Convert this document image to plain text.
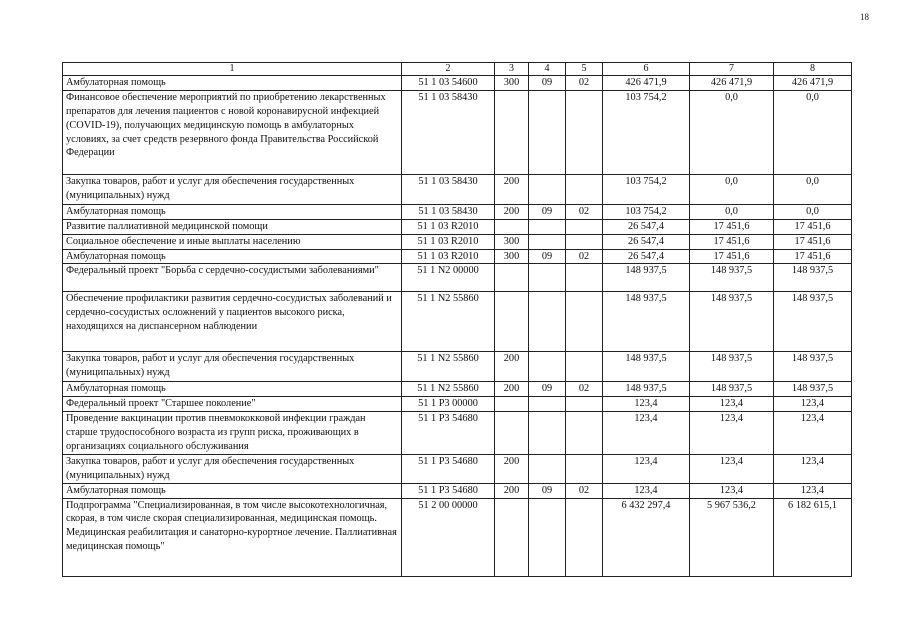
18
1	2	3	4	5	6	7	8
Амбулаторная помощь	51 1 03 54600	300	09	02	426 471,9	426 471,9	426 471,9
Финансовое обеспечение мероприятий по приобретению лекарственных препаратов для лечения пациентов с новой коронавирусной инфекцией (COVID-19), получающих медицинскую помощь в амбулаторных условиях, за счет средств резервного фонда Правительства Российской Федерации	51 1 03 58430				103 754,2	0,0	0,0
Закупка товаров, работ и услуг для обеспечения государственных (муниципальных) нужд	51 1 03 58430	200			103 754,2	0,0	0,0
Амбулаторная помощь	51 1 03 58430	200	09	02	103 754,2	0,0	0,0
Развитие паллиативной медицинской помощи	51 1 03 R2010				26 547,4	17 451,6	17 451,6
Социальное обеспечение и иные выплаты населению	51 1 03 R2010	300			26 547,4	17 451,6	17 451,6
Амбулаторная помощь	51 1 03 R2010	300	09	02	26 547,4	17 451,6	17 451,6
Федеральный проект "Борьба с сердечно-сосудистыми заболеваниями"	51 1 N2 00000				148 937,5	148 937,5	148 937,5
Обеспечение профилактики развития сердечно-сосудистых заболеваний и сердечно-сосудистых осложнений у пациентов высокого риска, находящихся на диспансерном наблюдении	51 1 N2 55860				148 937,5	148 937,5	148 937,5
Закупка товаров, работ и услуг для обеспечения государственных (муниципальных) нужд	51 1 N2 55860	200			148 937,5	148 937,5	148 937,5
Амбулаторная помощь	51 1 N2 55860	200	09	02	148 937,5	148 937,5	148 937,5
Федеральный проект "Старшее поколение"	51 1 P3 00000				123,4	123,4	123,4
Проведение вакцинации против пневмококковой инфекции граждан старше трудоспособного возраста из групп риска, проживающих в организациях социального обслуживания	51 1 P3 54680				123,4	123,4	123,4
Закупка товаров, работ и услуг для обеспечения государственных (муниципальных) нужд	51 1 P3 54680	200			123,4	123,4	123,4
Амбулаторная помощь	51 1 P3 54680	200	09	02	123,4	123,4	123,4
Подпрограмма "Специализированная, в том числе высокотехнологичная, скорая, в том числе скорая специализированная, медицинская помощь. Медицинская реабилитация и санаторно-курортное лечение. Паллиативная медицинская помощь"	51 2 00 00000				6 432 297,4	5 967 536,2	6 182 615,1
